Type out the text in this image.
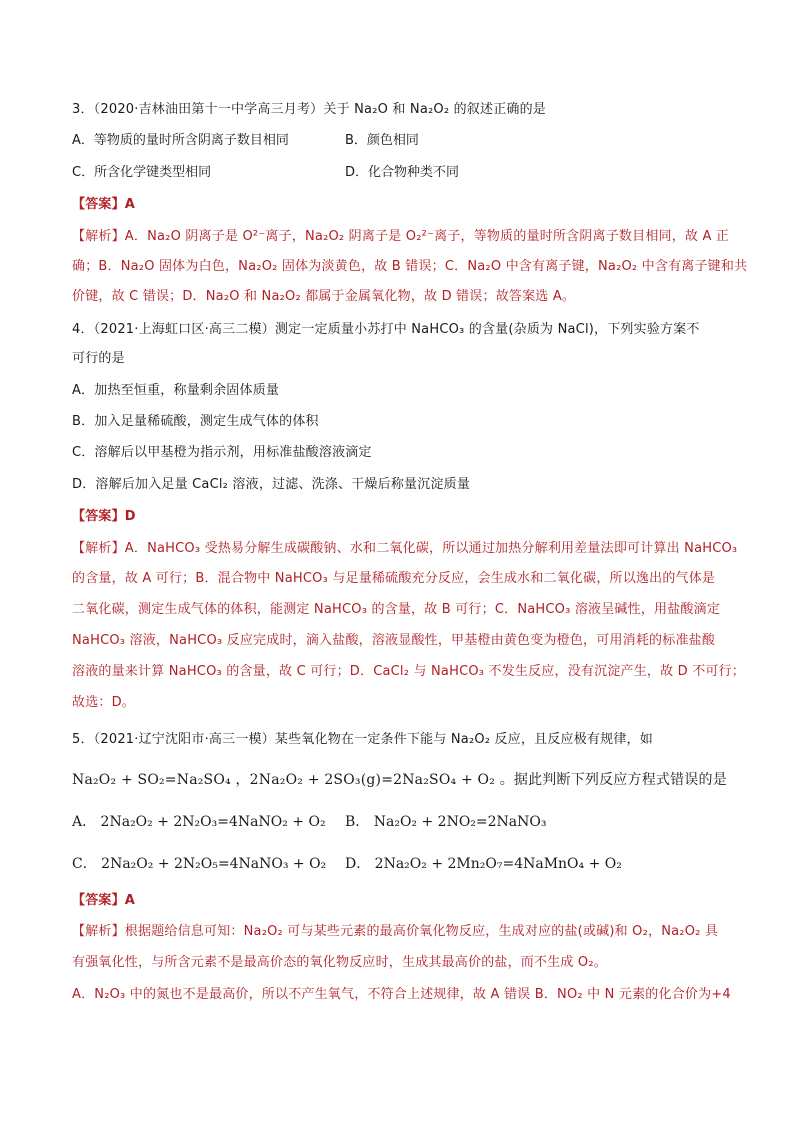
3．（2020·吉林油田第十一中学高三月考）关于 Na₂O 和 Na₂O₂ 的叙述正确的是
A．等物质的量时所含阴离子数目相同	B．颜色相同
C．所含化学键类型相同	D．化合物种类不同
【答案】A
【解析】A．Na₂O 阴离子是 O²⁻离子，Na₂O₂ 阴离子是 O₂²⁻离子，等物质的量时所含阴离子数目相同，故 A 正
确；B．Na₂O 固体为白色，Na₂O₂ 固体为淡黄色，故 B 错误；C．Na₂O 中含有离子键，Na₂O₂ 中含有离子键和共
价键，故 C 错误；D．Na₂O 和 Na₂O₂ 都属于金属氧化物，故 D 错误；故答案选 A。
4．（2021·上海虹口区·高三二模）测定一定质量小苏打中 NaHCO₃ 的含量(杂质为 NaCl)，下列实验方案不
可行的是
A．加热至恒重，称量剩余固体质量
B．加入足量稀硫酸，测定生成气体的体积
C．溶解后以甲基橙为指示剂，用标准盐酸溶液滴定
D．溶解后加入足量 CaCl₂ 溶液，过滤、洗涤、干燥后称量沉淀质量
【答案】D
【解析】A．NaHCO₃ 受热易分解生成碳酸钠、水和二氧化碳，所以通过加热分解利用差量法即可计算出 NaHCO₃
的含量，故 A 可行；B．混合物中 NaHCO₃ 与足量稀硫酸充分反应，会生成水和二氧化碳，所以逸出的气体是
二氧化碳，测定生成气体的体积，能测定 NaHCO₃ 的含量，故 B 可行；C．NaHCO₃ 溶液呈碱性，用盐酸滴定
NaHCO₃ 溶液，NaHCO₃ 反应完成时，滴入盐酸，溶液显酸性，甲基橙由黄色变为橙色，可用消耗的标准盐酸
溶液的量来计算 NaHCO₃ 的含量，故 C 可行；D．CaCl₂ 与 NaHCO₃ 不发生反应，没有沉淀产生，故 D 不可行；
故选：D。
5．（2021·辽宁沈阳市·高三一模）某些氧化物在一定条件下能与 Na₂O₂ 反应，且反应极有规律，如
Na₂O₂ + SO₂=Na₂SO₄ ，2Na₂O₂ + 2SO₃(g)=2Na₂SO₄ + O₂ 。据此判断下列反应方程式错误的是
A． 2Na₂O₂ + 2N₂O₃=4NaNO₂ + O₂ B． Na₂O₂ + 2NO₂=2NaNO₃
C． 2Na₂O₂ + 2N₂O₅=4NaNO₃ + O₂ D． 2Na₂O₂ + 2Mn₂O₇=4NaMnO₄ + O₂
【答案】A
【解析】根据题给信息可知：Na₂O₂ 可与某些元素的最高价氧化物反应，生成对应的盐(或碱)和 O₂，Na₂O₂ 具
有强氧化性，与所含元素不是最高价态的氧化物反应时，生成其最高价的盐，而不生成 O₂。
A．N₂O₃ 中的氮也不是最高价，所以不产生氧气，不符合上述规律，故 A 错误 B．NO₂ 中 N 元素的化合价为+4
